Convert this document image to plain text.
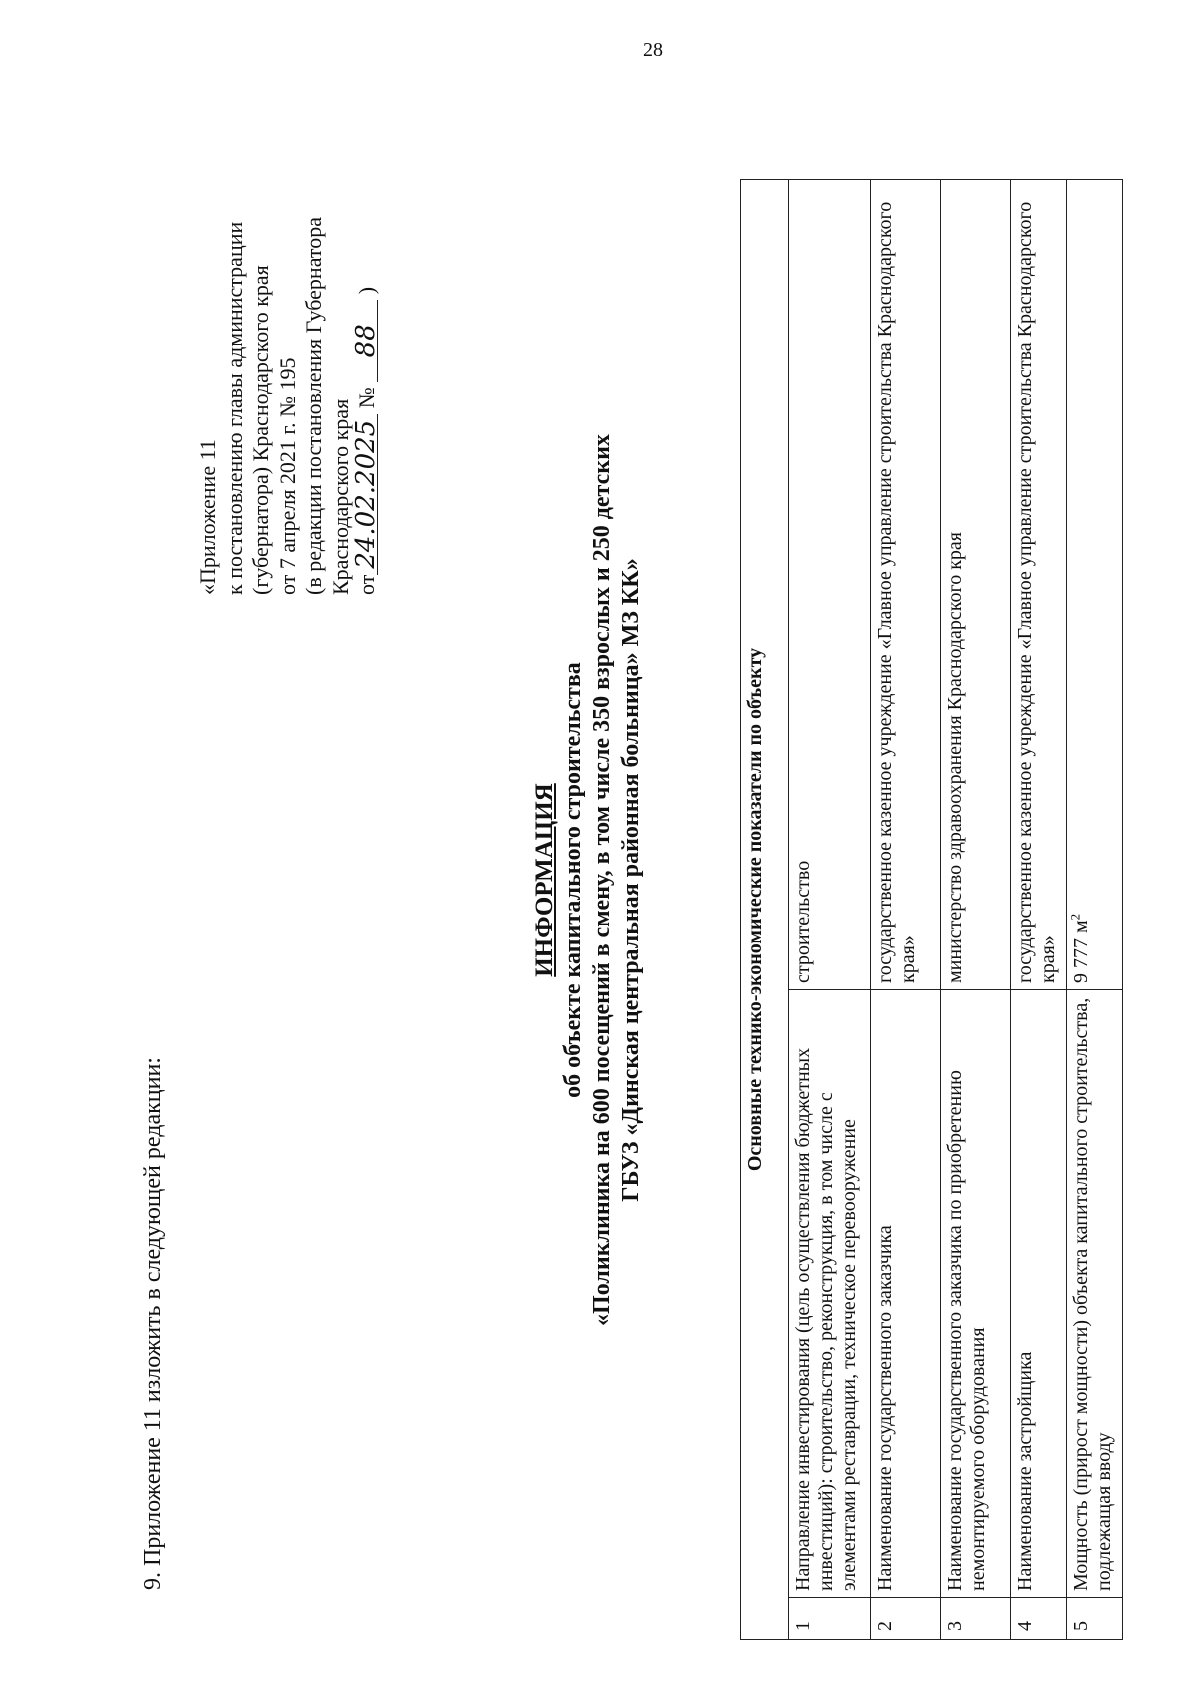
28
9. Приложение 11 изложить в следующей редакции:
«Приложение 11 к постановлению главы администрации (губернатора) Краснодарского края от 7 апреля 2021 г. № 195 (в редакции постановления Губернатора Краснодарского края от24.02.2025 № 88 )
ИНФОРМАЦИЯ об объекте капитального строительства «Поликлиника на 600 посещений в смену, в том числе 350 взрослых и 250 детских ГБУЗ «Динская центральная районная больница» МЗ КК»	Основные технико-экономические показатели по объекту		
1	Направление инвестирования (цель осуществления бюджетных инвестиций): строительство, реконструкция, в том числе с элементами реставрации, техническое перевооружение	строительство
2	Наименование государственного заказчика	государственное казенное учреждение «Главное управление строительства Краснодарского края»
3	Наименование государственного заказчика по приобретению немонтируемого оборудования	министерство здравоохранения Краснодарского края
4	Наименование застройщика	государственное казенное учреждение «Главное управление строительства Краснодарского края»
5	Мощность (прирост мощности) объекта капитального строительства, подлежащая вводу	9 777 $м^2$
